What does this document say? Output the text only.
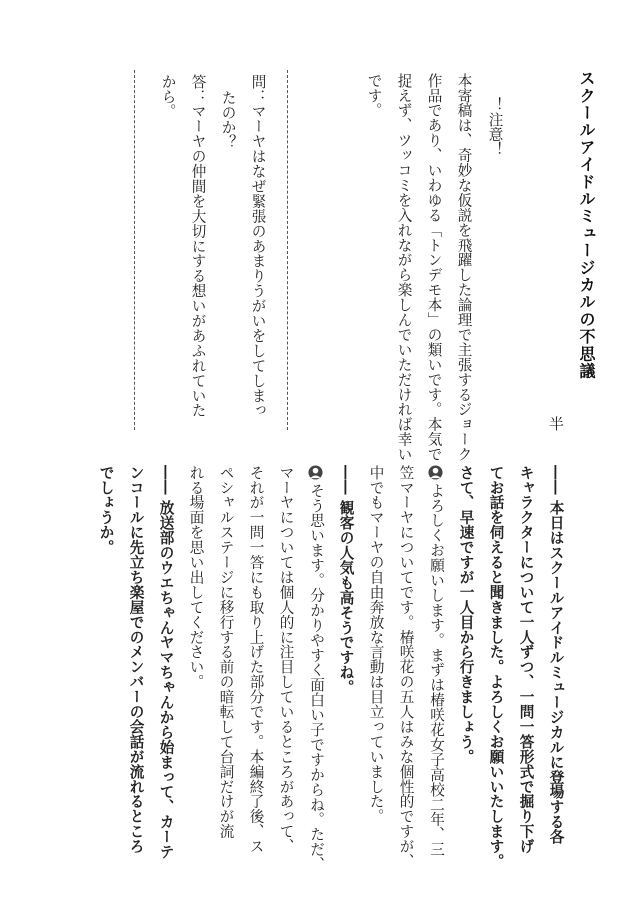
スクールアイドルミュージカルの不思議
半
！注意！
本寄稿は、奇妙な仮説を飛躍した論理で主張するジョーク
作品であり、いわゆる「トンデモ本」の類いです。本気で
捉えず、ツッコミを入れながら楽しんでいただければ幸い
です。
問：マーヤはなぜ緊張のあまりうがいをしてしまっ
たのか？
答：マーヤの仲間を大切にする想いがあふれていた
から。
―― 本日はスクールアイドルミュージカルに登場する各
キャラクターについて一人ずつ、一問一答形式で掘り下げ
てお話を伺えると聞きました。よろしくお願いいたします。
さて、早速ですが一人目から行きましょう。
よろしくお願いします。まずは椿咲花女子高校二年、三
笠マーヤについてです。椿咲花の五人はみな個性的ですが、
中でもマーヤの自由奔放な言動は目立っていました。
―― 観客の人気も高そうですね。
そう思います。分かりやすく面白い子ですからね。ただ、
マーヤについては個人的に注目しているところがあって、
それが一問一答にも取り上げた部分です。本編終了後、ス
ペシャルステージに移行する前の暗転して台詞だけが流
れる場面を思い出してください。
―― 放送部のウエちゃんヤマちゃんから始まって、カーテ
ンコールに先立ち楽屋でのメンバーの会話が流れるところ
でしょうか。
